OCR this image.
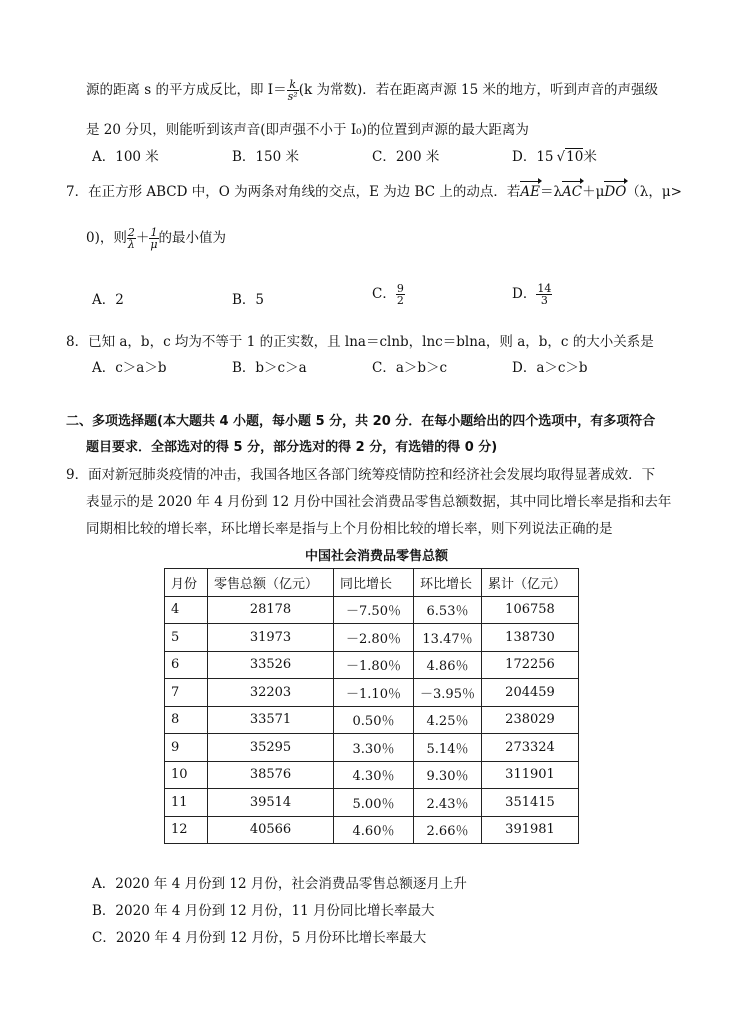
源的距离 s 的平方成反比，即 $I= \frac{k}{\text{s²}} (k$ 为常数)．若在距离声源 15 米的地方，听到声音的声强级
是 20 分贝，则能听到该声音(即声强不小于 I₀)的位置到声源的最大距离为
A．100 米	B．150 米	C．200 米	D．15 √10米
7．在正方形 ABCD 中，O 为两条对角线的交点，E 为边 BC 上的动点．若AE＝λAC＋μDO（λ，μ>
0)，则 $\frac{2}{\lambda} + \frac{1}{\mu}$ 的最小值为
A．2	B．5	C． $\frac{9}{2}$	D． $\frac{14}{3}$
8．已知 a，b，c 均为不等于 1 的正实数，且 lna＝clnb，lnc＝blna，则 a，b，c 的大小关系是
A．c＞a＞b	B．b＞c＞a	C．a＞b＞c	D．a＞c＞b
二、多项选择题(本大题共 4 小题，每小题 5 分，共 20 分．在每小题给出的四个选项中，有多项符合
题目要求．全部选对的得 5 分，部分选对的得 2 分，有选错的得 0 分)
9．面对新冠肺炎疫情的冲击，我国各地区各部门统筹疫情防控和经济社会发展均取得显著成效．下
表显示的是 2020 年 4 月份到 12 月份中国社会消费品零售总额数据，其中同比增长率是指和去年
同期相比较的增长率，环比增长率是指与上个月份相比较的增长率，则下列说法正确的是
中国社会消费品零售总额
月份	零售总额（亿元）	同比增长	环比增长	累计（亿元）
4	28178	－7.50％	6.53％	106758
5	31973	－2.80％	13.47％	138730
6	33526	－1.80％	4.86％	172256
7	32203	－1.10％	－3.95％	204459
8	33571	0.50％	4.25％	238029
9	35295	3.30％	5.14％	273324
10	38576	4.30％	9.30％	311901
11	39514	5.00％	2.43％	351415
12	40566	4.60％	2.66％	391981
A．2020 年 4 月份到 12 月份，社会消费品零售总额逐月上升
B．2020 年 4 月份到 12 月份，11 月份同比增长率最大
C．2020 年 4 月份到 12 月份，5 月份环比增长率最大
